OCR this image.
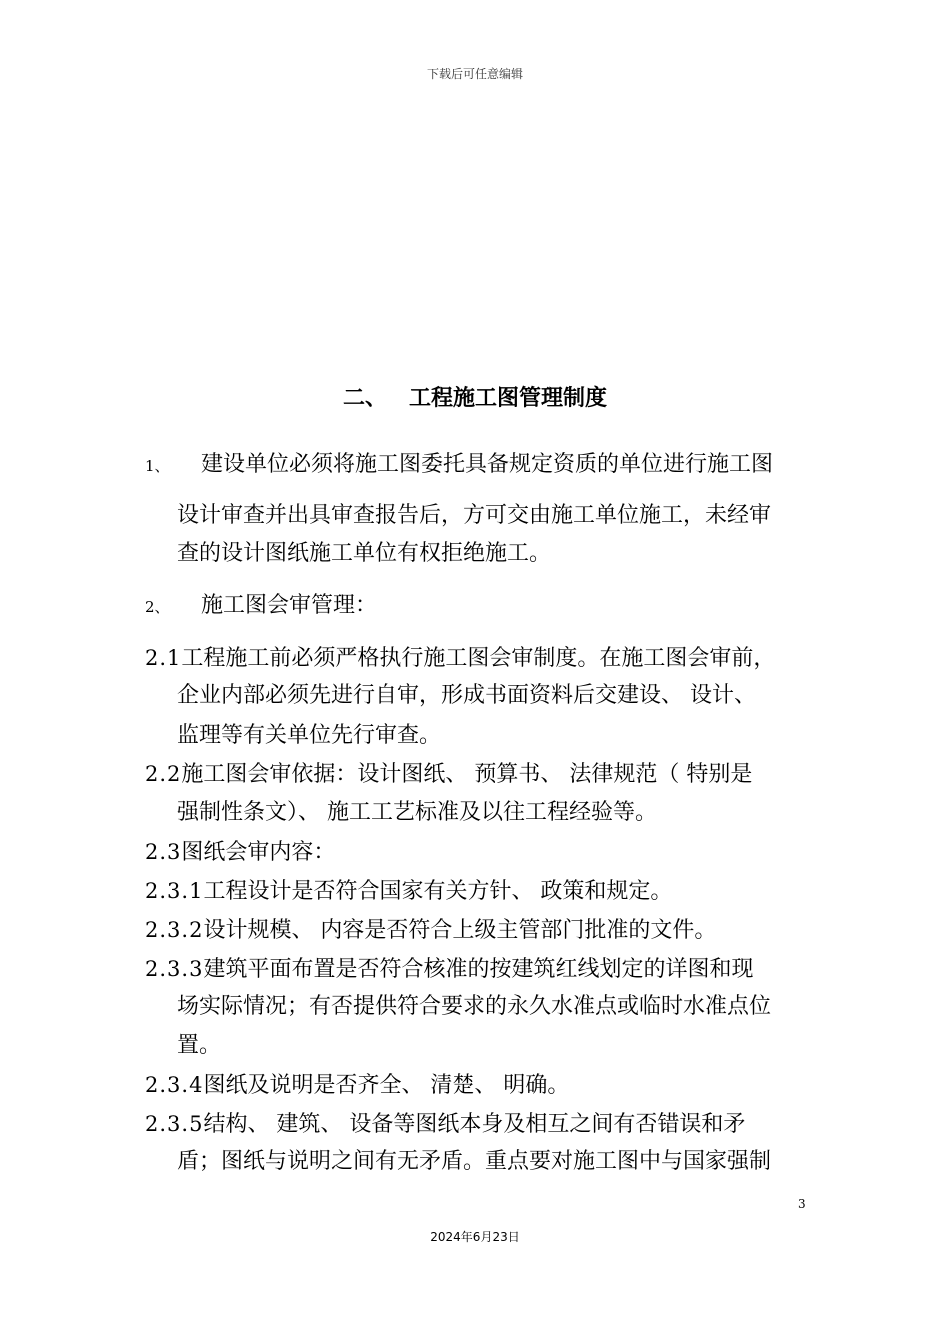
下载后可任意编辑
二、 工程施工图管理制度
1、 建设单位必须将施工图委托具备规定资质的单位进行施工图
设计审查并出具审查报告后，方可交由施工单位施工，未经审
查的设计图纸施工单位有权拒绝施工。
2、 施工图会审管理：
2.1工程施工前必须严格执行施工图会审制度。在施工图会审前，
企业内部必须先进行自审，形成书面资料后交建设、 设计、
监理等有关单位先行审查。
2.2施工图会审依据：设计图纸、 预算书、 法律规范（ 特别是
强制性条文）、 施工工艺标准及以往工程经验等。
2.3图纸会审内容：
2.3.1工程设计是否符合国家有关方针、 政策和规定。
2.3.2设计规模、 内容是否符合上级主管部门批准的文件。
2.3.3建筑平面布置是否符合核准的按建筑红线划定的详图和现
场实际情况；有否提供符合要求的永久水准点或临时水准点位
置。
2.3.4图纸及说明是否齐全、 清楚、 明确。
2.3.5结构、 建筑、 设备等图纸本身及相互之间有否错误和矛
盾；图纸与说明之间有无矛盾。重点要对施工图中与国家强制
3
2024年6月23日
